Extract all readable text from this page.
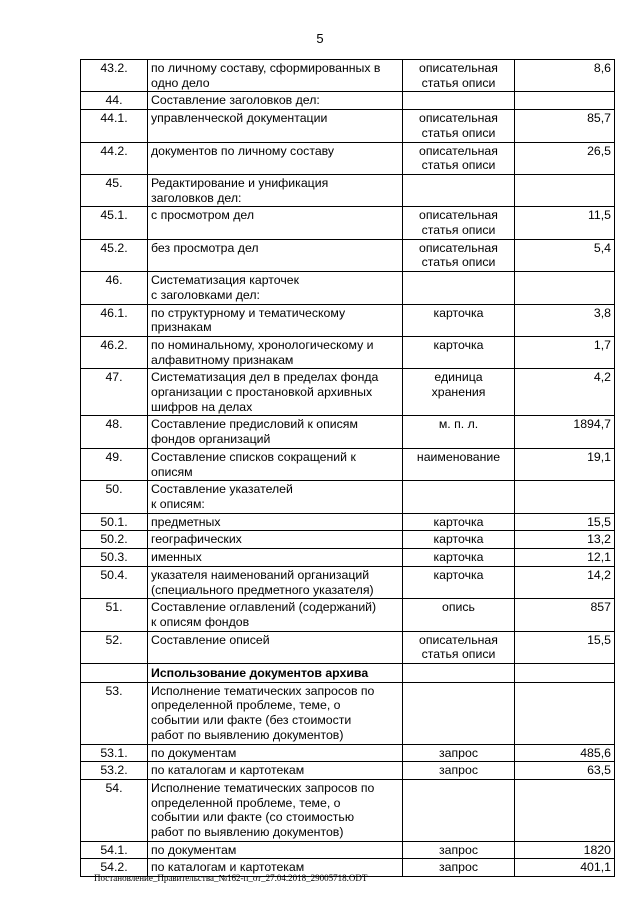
5
43.2.	по личному составу, сформированных в
одно дело	описательная
статья описи	8,6
44.	Составление заголовков дел:		
44.1.	управленческой документации	описательная
статья описи	85,7
44.2.	документов по личному составу	описательная
статья описи	26,5
45.	Редактирование и унификация
заголовков дел:		
45.1.	с просмотром дел	описательная
статья описи	11,5
45.2.	без просмотра дел	описательная
статья описи	5,4
46.	Систематизация карточек
с заголовками дел:		
46.1.	по структурному и тематическому
признакам	карточка	3,8
46.2.	по номинальному, хронологическому и
алфавитному признакам	карточка	1,7
47.	Систематизация дел в пределах фонда
организации с простановкой архивных
шифров на делах	единица
хранения	4,2
48.	Составление предисловий к описям
фондов организаций	м. п. л.	1894,7
49.	Составление списков сокращений к
описям	наименование	19,1
50.	Составление указателей
к описям:		
50.1.	предметных	карточка	15,5
50.2.	географических	карточка	13,2
50.3.	именных	карточка	12,1
50.4.	указателя наименований организаций
(специального предметного указателя)	карточка	14,2
51.	Составление оглавлений (содержаний)
к описям фондов	опись	857
52.	Составление описей	описательная
статья описи	15,5
	Использование документов архива		
53.	Исполнение тематических запросов по
определенной проблеме, теме, о
событии или факте (без стоимости
работ по выявлению документов)		
53.1.	по документам	запрос	485,6
53.2.	по каталогам и картотекам	запрос	63,5
54.	Исполнение тематических запросов по
определенной проблеме, теме, о
событии или факте (со стоимостью
работ по выявлению документов)		
54.1.	по документам	запрос	1820
54.2.	по каталогам и картотекам	запрос	401,1
Постановление_Правительства_№162-п_от_27.04.2018_29005718.ODT
